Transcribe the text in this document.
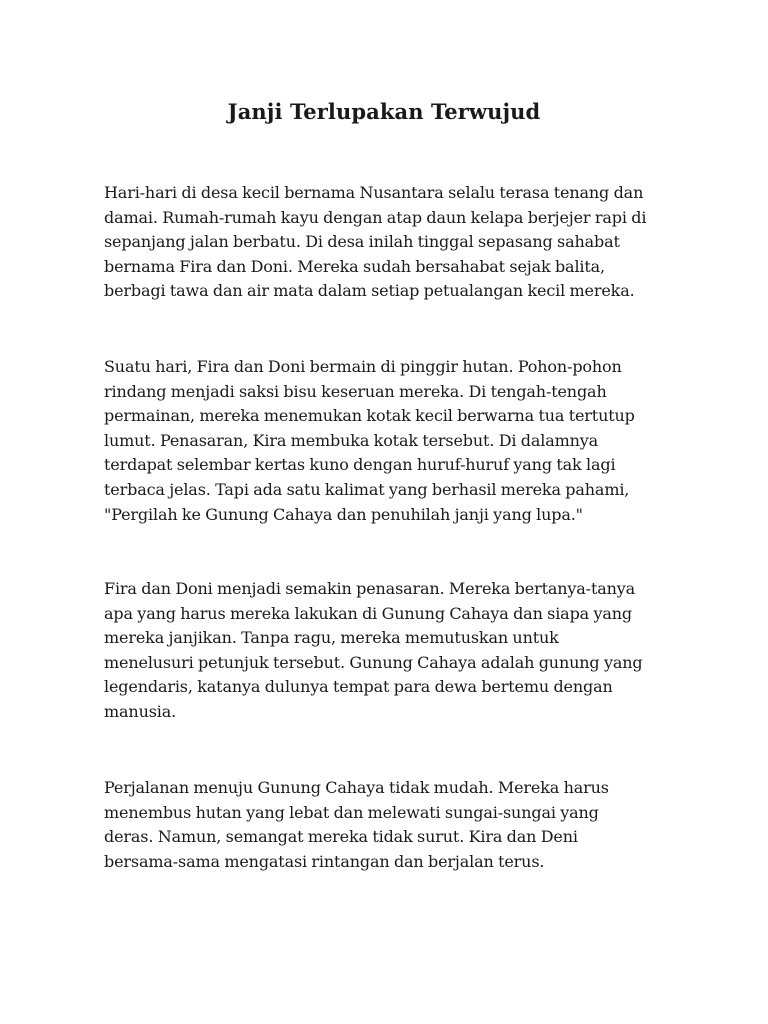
Janji Terlupakan Terwujud
Hari-hari di desa kecil bernama Nusantara selalu terasa tenang dan
damai. Rumah-rumah kayu dengan atap daun kelapa berjejer rapi di
sepanjang jalan berbatu. Di desa inilah tinggal sepasang sahabat
bernama Fira dan Doni. Mereka sudah bersahabat sejak balita,
berbagi tawa dan air mata dalam setiap petualangan kecil mereka.
Suatu hari, Fira dan Doni bermain di pinggir hutan. Pohon-pohon
rindang menjadi saksi bisu keseruan mereka. Di tengah-tengah
permainan, mereka menemukan kotak kecil berwarna tua tertutup
lumut. Penasaran, Kira membuka kotak tersebut. Di dalamnya
terdapat selembar kertas kuno dengan huruf-huruf yang tak lagi
terbaca jelas. Tapi ada satu kalimat yang berhasil mereka pahami,
"Pergilah ke Gunung Cahaya dan penuhilah janji yang lupa."
Fira dan Doni menjadi semakin penasaran. Mereka bertanya-tanya
apa yang harus mereka lakukan di Gunung Cahaya dan siapa yang
mereka janjikan. Tanpa ragu, mereka memutuskan untuk
menelusuri petunjuk tersebut. Gunung Cahaya adalah gunung yang
legendaris, katanya dulunya tempat para dewa bertemu dengan
manusia.
Perjalanan menuju Gunung Cahaya tidak mudah. Mereka harus
menembus hutan yang lebat dan melewati sungai-sungai yang
deras. Namun, semangat mereka tidak surut. Kira dan Deni
bersama-sama mengatasi rintangan dan berjalan terus.
